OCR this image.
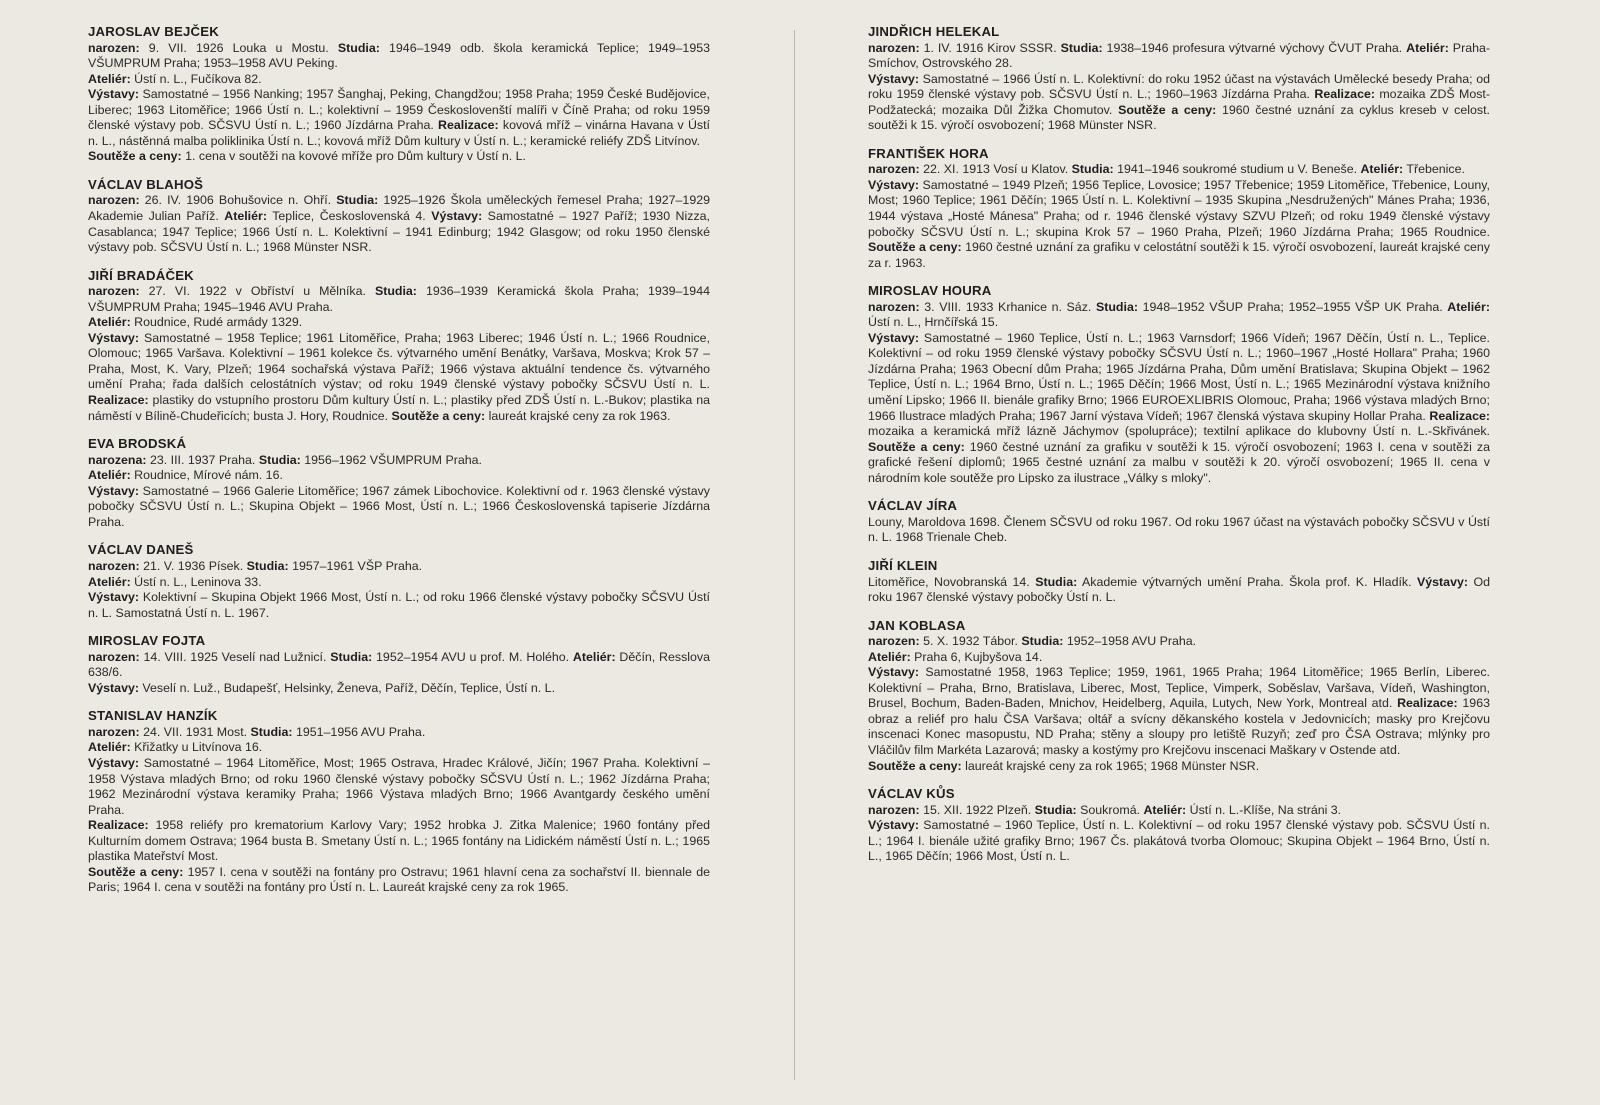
JAROSLAV BEJČEK

narozen: 9. VII. 1926 Louka u Mostu. Studia: 1946–1949 odb. škola keramická Teplice; 1949–1953 VŠUMPRUM Praha; 1953–1958 AVU Peking.

Ateliér: Ústí n. L., Fučíkova 82.

Výstavy: Samostatné – 1956 Nanking; 1957 Šanghaj, Peking, Changdžou; 1958 Praha; 1959 České Budějovice, Liberec; 1963 Litoměřice; 1966 Ústí n. L.; kolektivní – 1959 Českoslovenští malíři v Číně Praha; od roku 1959 členské výstavy pob. SČSVU Ústí n. L.; 1960 Jízdárna Praha. Realizace: kovová mříž – vinárna Havana v Ústí n. L., nástěnná malba poliklinika Ústí n. L.; kovová mříž Dům kultury v Ústí n. L.; keramické reliéfy ZDŠ Litvínov.

Soutěže a ceny: 1. cena v soutěži na kovové mříže pro Dům kultury v Ústí n. L.

VÁCLAV BLAHOŠ

narozen: 26. IV. 1906 Bohušovice n. Ohří. Studia: 1925–1926 Škola uměleckých řemesel Praha; 1927–1929 Akademie Julian Paříž. Ateliér: Teplice, Československá 4. Výstavy: Samostatné – 1927 Paříž; 1930 Nizza, Casablanca; 1947 Teplice; 1966 Ústí n. L. Kolektivní – 1941 Edinburg; 1942 Glasgow; od roku 1950 členské výstavy pob. SČSVU Ústí n. L.; 1968 Münster NSR.

JIŘÍ BRADÁČEK

narozen: 27. VI. 1922 v Obříství u Mělníka. Studia: 1936–1939 Keramická škola Praha; 1939–1944 VŠUMPRUM Praha; 1945–1946 AVU Praha.

Ateliér: Roudnice, Rudé armády 1329.

Výstavy: Samostatné – 1958 Teplice; 1961 Litoměřice, Praha; 1963 Liberec; 1946 Ústí n. L.; 1966 Roudnice, Olomouc; 1965 Varšava. Kolektivní – 1961 kolekce čs. výtvarného umění Benátky, Varšava, Moskva; Krok 57 – Praha, Most, K. Vary, Plzeň; 1964 sochařská výstava Paříž; 1966 výstava aktuální tendence čs. výtvarného umění Praha; řada dalších celostátních výstav; od roku 1949 členské výstavy pobočky SČSVU Ústí n. L. Realizace: plastiky do vstupního prostoru Dům kultury Ústí n. L.; plastiky před ZDŠ Ústí n. L.-Bukov; plastika na náměstí v Bílině-Chudeřicích; busta J. Hory, Roudnice. Soutěže a ceny: laureát krajské ceny za rok 1963.

EVA BRODSKÁ

narozena: 23. III. 1937 Praha. Studia: 1956–1962 VŠUMPRUM Praha.

Ateliér: Roudnice, Mírové nám. 16.

Výstavy: Samostatné – 1966 Galerie Litoměřice; 1967 zámek Libochovice. Kolektivní od r. 1963 členské výstavy pobočky SČSVU Ústí n. L.; Skupina Objekt – 1966 Most, Ústí n. L.; 1966 Československá tapiserie Jízdárna Praha.

VÁCLAV DANEŠ

narozen: 21. V. 1936 Písek. Studia: 1957–1961 VŠP Praha.

Ateliér: Ústí n. L., Leninova 33.

Výstavy: Kolektivní – Skupina Objekt 1966 Most, Ústí n. L.; od roku 1966 členské výstavy pobočky SČSVU Ústí n. L. Samostatná Ústí n. L. 1967.

MIROSLAV FOJTA

narozen: 14. VIII. 1925 Veselí nad Lužnicí. Studia: 1952–1954 AVU u prof. M. Holého. Ateliér: Děčín, Resslova 638/6.

Výstavy: Veselí n. Luž., Budapešť, Helsinky, Ženeva, Paříž, Děčín, Teplice, Ústí n. L.

STANISLAV HANZÍK

narozen: 24. VII. 1931 Most. Studia: 1951–1956 AVU Praha.

Ateliér: Křižatky u Litvínova 16.

Výstavy: Samostatné – 1964 Litoměřice, Most; 1965 Ostrava, Hradec Králové, Jičín; 1967 Praha. Kolektivní – 1958 Výstava mladých Brno; od roku 1960 členské výstavy pobočky SČSVU Ústí n. L.; 1962 Jízdárna Praha; 1962 Mezinárodní výstava keramiky Praha; 1966 Výstava mladých Brno; 1966 Avantgardy českého umění Praha.

Realizace: 1958 reliéfy pro krematorium Karlovy Vary; 1952 hrobka J. Zitka Malenice; 1960 fontány před Kulturním domem Ostrava; 1964 busta B. Smetany Ústí n. L.; 1965 fontány na Lidickém náměstí Ústí n. L.; 1965 plastika Mateřství Most.

Soutěže a ceny: 1957 I. cena v soutěži na fontány pro Ostravu; 1961 hlavní cena za sochařství II. biennale de Paris; 1964 I. cena v soutěži na fontány pro Ústí n. L. Laureát krajské ceny za rok 1965.

JINDŘICH HELEKAL

narozen: 1. IV. 1916 Kirov SSSR. Studia: 1938–1946 profesura výtvarné výchovy ČVUT Praha. Ateliér: Praha-Smíchov, Ostrovského 28.

Výstavy: Samostatné – 1966 Ústí n. L. Kolektivní: do roku 1952 účast na výstavách Umělecké besedy Praha; od roku 1959 členské výstavy pob. SČSVU Ústí n. L.; 1960–1963 Jízdárna Praha. Realizace: mozaika ZDŠ Most-Podžatecká; mozaika Důl Žižka Chomutov. Soutěže a ceny: 1960 čestné uznání za cyklus kreseb v celost. soutěži k 15. výročí osvobození; 1968 Münster NSR.

FRANTIŠEK HORA

narozen: 22. XI. 1913 Vosí u Klatov. Studia: 1941–1946 soukromé studium u V. Beneše. Ateliér: Třebenice.

Výstavy: Samostatné – 1949 Plzeň; 1956 Teplice, Lovosice; 1957 Třebenice; 1959 Litoměřice, Třebenice, Louny, Most; 1960 Teplice; 1961 Děčín; 1965 Ústí n. L. Kolektivní – 1935 Skupina „Nesdružených" Mánes Praha; 1936, 1944 výstava „Hosté Mánesa" Praha; od r. 1946 členské výstavy SZVU Plzeň; od roku 1949 členské výstavy pobočky SČSVU Ústí n. L.; skupina Krok 57 – 1960 Praha, Plzeň; 1960 Jízdárna Praha; 1965 Roudnice. Soutěže a ceny: 1960 čestné uznání za grafiku v celostátní soutěži k 15. výročí osvobození, laureát krajské ceny za r. 1963.

MIROSLAV HOURA

narozen: 3. VIII. 1933 Krhanice n. Sáz. Studia: 1948–1952 VŠUP Praha; 1952–1955 VŠP UK Praha. Ateliér: Ústí n. L., Hrnčířská 15.

Výstavy: Samostatné – 1960 Teplice, Ústí n. L.; 1963 Varnsdorf; 1966 Vídeň; 1967 Děčín, Ústí n. L., Teplice. Kolektivní – od roku 1959 členské výstavy pobočky SČSVU Ústí n. L.; 1960–1967 „Hosté Hollara" Praha; 1960 Jízdárna Praha; 1963 Obecní dům Praha; 1965 Jízdárna Praha, Dům umění Bratislava; Skupina Objekt – 1962 Teplice, Ústí n. L.; 1964 Brno, Ústí n. L.; 1965 Děčín; 1966 Most, Ústí n. L.; 1965 Mezinárodní výstava knižního umění Lipsko; 1966 II. bienále grafiky Brno; 1966 EUROEXLIBRIS Olomouc, Praha; 1966 výstava mladých Brno; 1966 Ilustrace mladých Praha; 1967 Jarní výstava Vídeň; 1967 členská výstava skupiny Hollar Praha. Realizace: mozaika a keramická mříž lázně Jáchymov (spolupráce); textilní aplikace do klubovny Ústí n. L.-Skřivánek. Soutěže a ceny: 1960 čestné uznání za grafiku v soutěži k 15. výročí osvobození; 1963 I. cena v soutěži za grafické řešení diplomů; 1965 čestné uznání za malbu v soutěži k 20. výročí osvobození; 1965 II. cena v národním kole soutěže pro Lipsko za ilustrace „Války s mloky".

VÁCLAV JÍRA

Louny, Maroldova 1698. Členem SČSVU od roku 1967. Od roku 1967 účast na výstavách pobočky SČSVU v Ústí n. L. 1968 Trienale Cheb.

JIŘÍ KLEIN

Litoměřice, Novobranská 14. Studia: Akademie výtvarných umění Praha. Škola prof. K. Hladík. Výstavy: Od roku 1967 členské výstavy pobočky Ústí n. L.

JAN KOBLASA

narozen: 5. X. 1932 Tábor. Studia: 1952–1958 AVU Praha.

Ateliér: Praha 6, Kujbyšova 14.

Výstavy: Samostatné 1958, 1963 Teplice; 1959, 1961, 1965 Praha; 1964 Litoměřice; 1965 Berlín, Liberec. Kolektivní – Praha, Brno, Bratislava, Liberec, Most, Teplice, Vimperk, Soběslav, Varšava, Vídeň, Washington, Brusel, Bochum, Baden-Baden, Mnichov, Heidelberg, Aquila, Lutych, New York, Montreal atd. Realizace: 1963 obraz a reliéf pro halu ČSA Varšava; oltář a svícny děkanského kostela v Jedovnicích; masky pro Krejčovu inscenaci Konec masopustu, ND Praha; stěny a sloupy pro letiště Ruzyň; zeď pro ČSA Ostrava; mlýnky pro Vláčilův film Markéta Lazarová; masky a kostýmy pro Krejčovu inscenaci Maškary v Ostende atd.

Soutěže a ceny: laureát krajské ceny za rok 1965; 1968 Münster NSR.

VÁCLAV KŮS

narozen: 15. XII. 1922 Plzeň. Studia: Soukromá. Ateliér: Ústí n. L.-Klíše, Na stráni 3.

Výstavy: Samostatné – 1960 Teplice, Ústí n. L. Kolektivní – od roku 1957 členské výstavy pob. SČSVU Ústí n. L.; 1964 I. bienále užité grafiky Brno; 1967 Čs. plakátová tvorba Olomouc; Skupina Objekt – 1964 Brno, Ústí n. L., 1965 Děčín; 1966 Most, Ústí n. L.
